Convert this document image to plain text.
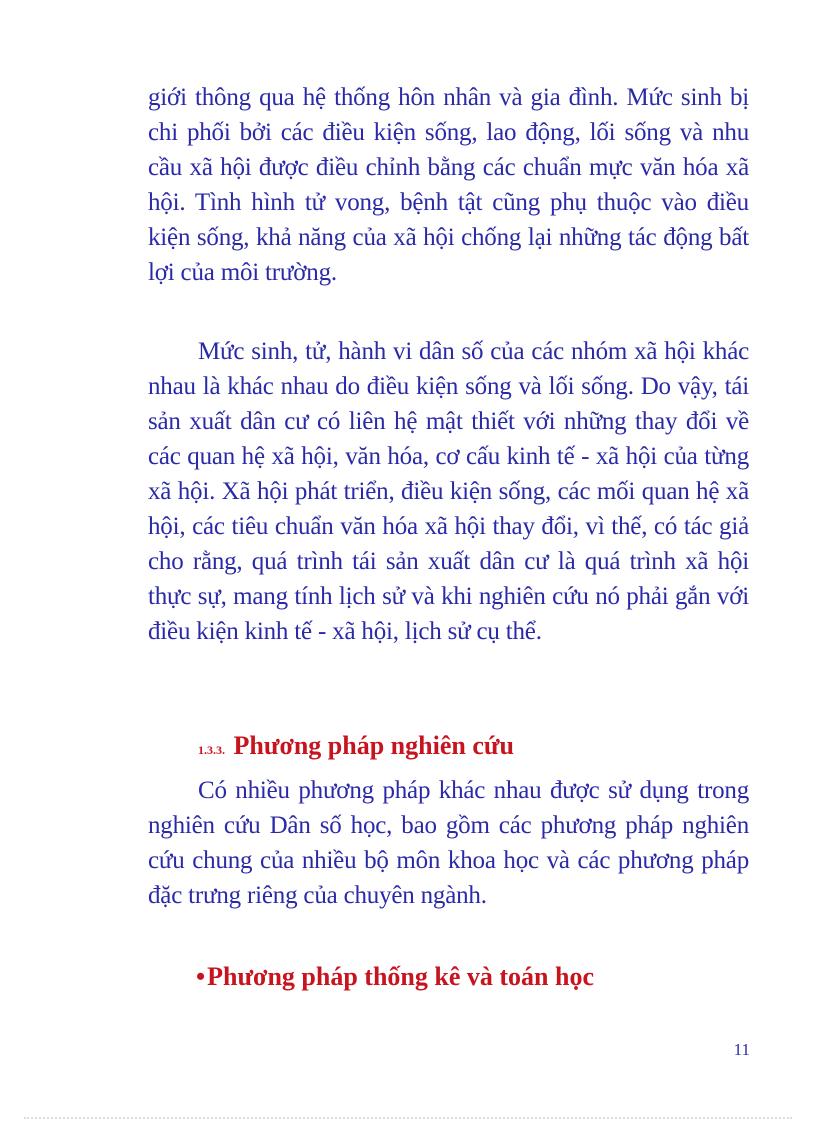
giới thông qua hệ thống hôn nhân và gia đình. Mức sinh bị chi phối bởi các điều kiện sống, lao động, lối sống và nhu cầu xã hội được điều chỉnh bằng các chuẩn mực văn hóa xã hội. Tình hình tử vong, bệnh tật cũng phụ thuộc vào điều kiện sống, khả năng của xã hội chống lại những tác động bất lợi của môi trường.

Mức sinh, tử, hành vi dân số của các nhóm xã hội khác nhau là khác nhau do điều kiện sống và lối sống. Do vậy, tái sản xuất dân cư có liên hệ mật thiết với những thay đổi về các quan hệ xã hội, văn hóa, cơ cấu kinh tế - xã hội của từng xã hội. Xã hội phát triển, điều kiện sống, các mối quan hệ xã hội, các tiêu chuẩn văn hóa xã hội thay đổi, vì thế, có tác giả cho rằng, quá trình tái sản xuất dân cư là quá trình xã hội thực sự, mang tính lịch sử và khi nghiên cứu nó phải gắn với điều kiện kinh tế - xã hội, lịch sử cụ thể.

1.3.3. Phương pháp nghiên cứu

Có nhiều phương pháp khác nhau được sử dụng trong nghiên cứu Dân số học, bao gồm các phương pháp nghiên cứu chung của nhiều bộ môn khoa học và các phương pháp đặc trưng riêng của chuyên ngành.

•Phương pháp thống kê và toán học
11
